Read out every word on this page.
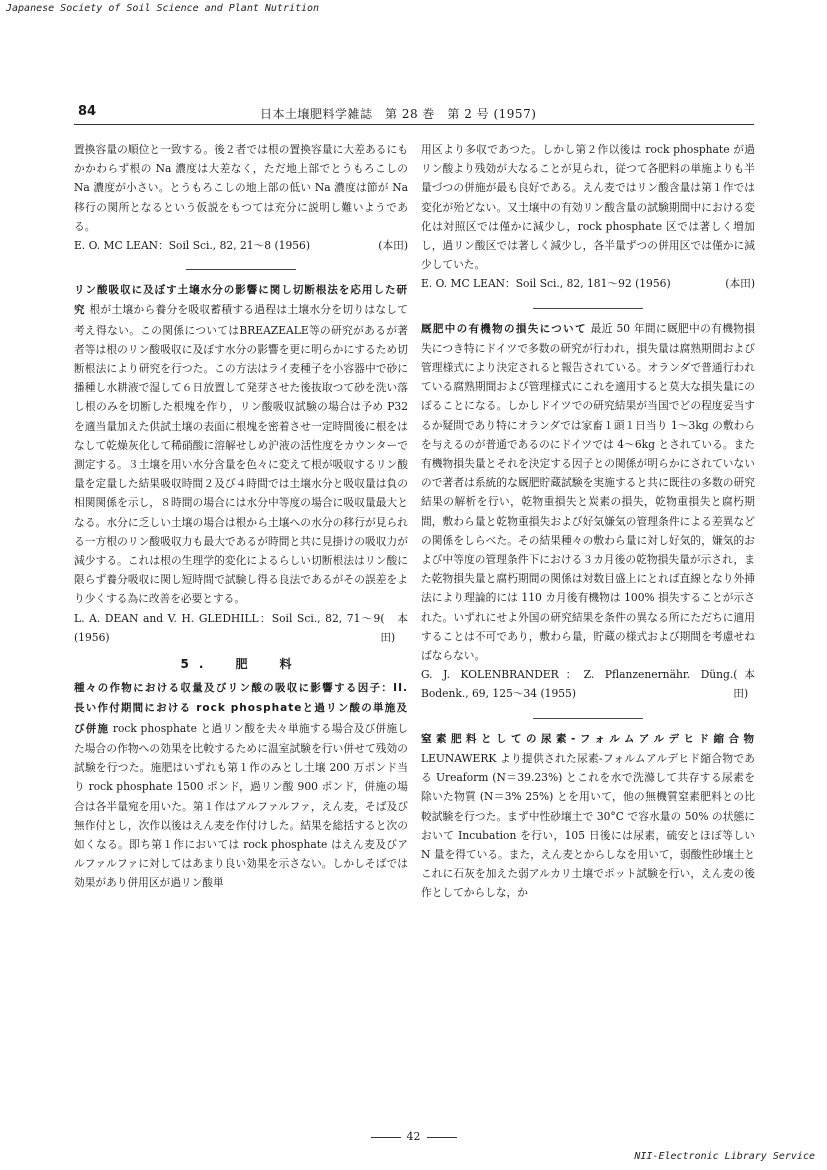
Japanese Society of Soil Science and Plant Nutrition
84	日本土壌肥料学雑誌　第 28 巻　第 2 号 (1957)

置換容量の順位と一致する。後２者では根の置換容量に大差あるにもかかわらず根の Na 濃度は大差なく，ただ地上部でとうもろこしの Na 濃度が小さい。とうもろこしの地上部の低い Na 濃度は節が Na 移行の関所となるという仮説をもつては充分に説明し難いようである。

E. O. MC LEAN：Soil Sci., 82, 21～8 (1956)	(本田)

リン酸吸収に及ぼす土壌水分の影響に関し切断根法を応用した研究 根が土壌から養分を吸収蓄積する過程は土壌水分を切りはなして考え得ない。この関係についてはBREAZEALE等の研究があるが著者等は根のリン酸吸収に及ぼす水分の影響を更に明らかにするため切断根法により研究を行つた。この方法はライ麦種子を小容器中で砂に播種し水耕液で湿して６日放置して発芽させた後抜取つて砂を洗い落し根のみを切断した根塊を作り，リン酸吸収試験の場合は予め P32 を適当量加えた供試土壌の表面に根塊を密着させ一定時間後に根をはなして乾燥灰化して稀硝酸に溶解せしめ沪液の活性度をカウンターで測定する。３土壌を用い水分含量を色々に変えて根が吸収するリン酸量を定量した結果吸収時間２及び４時間では土壌水分と吸収量は負の相関関係を示し，８時間の場合には水分中等度の場合に吸収量最大となる。水分に乏しい土壌の場合は根から土壌への水分の移行が見られる一方根のリン酸吸収力も最大であるが時間と共に見掛けの吸収力が減少する。これは根の生理学的変化によるらしい切断根法はリン酸に限らず養分吸収に関し短時間で試験し得る良法であるがその誤差をより少くする為に改善を必要とする。

L. A. DEAN and V. H. GLEDHILL：Soil Sci., 82, 71～9 (1956)
(本田)
5.　肥　料

種々の作物における収量及びリン酸の吸収に影響する因子：II. 長い作付期間における rock phosphateと過リン酸の単施及び併施 rock phosphate と過リン酸を夫々単施する場合及び併施した場合の作物への効果を比較するために温室試験を行い併せて残効の試験を行つた。施肥はいずれも第１作のみとし土壌 200 万ポンド当り rock phosphate 1500 ポンド，過リン酸 900 ポンド，併施の場合は各半量宛を用いた。第１作はアルファルファ，えん麦，そば及び無作付とし，次作以後はえん麦を作付けした。結果を総括すると次の如くなる。即ち第１作においては rock phosphate はえん麦及びアルファルファに対してはあまり良い効果を示さない。しかしそばでは効果があり併用区が過リン酸単

用区より多収であつた。しかし第２作以後は rock phosphate が過リン酸より残効が大なることが見られ，従つて各肥料の単施よりも半量づつの併施が最も良好である。えん麦ではリン酸含量は第１作では変化が殆どない。又土壌中の有効リン酸含量の試験期間中における変化は対照区では僅かに減少し，rock phosphate 区では著しく増加し，過リン酸区では著しく減少し，各半量ずつの併用区では僅かに減少していた。

E. O. MC LEAN：Soil Sci., 82, 181～92 (1956)	(本田)

厩肥中の有機物の損失について 最近 50 年間に厩肥中の有機物損失につき特にドイツで多数の研究が行われ，損失量は腐熟期間および管理様式により決定されると報告されている。オランダで普通行われている腐熟期間および管理様式にこれを適用すると莫大な損失量にのぼることになる。しかしドイツでの研究結果が当国でどの程度妥当するか疑問であり特にオランダでは家畜１頭１日当り 1～3kg の敷わらを与えるのが普通であるのにドイツでは 4～6kg とされている。また有機物損失量とそれを決定する因子との関係が明らかにされていないので著者は系統的な厩肥貯蔵試験を実施すると共に既往の多数の研究結果の解析を行い，乾物重損失と炭素の損失，乾物重損失と腐朽期間，敷わら量と乾物重損失および好気嫌気の管理条件による差異などの関係をしらべた。その結果種々の敷わら量に対し好気的，嫌気的および中等度の管理条件下における３カ月後の乾物損失量が示され，また乾物損失量と腐朽期間の関係は対数目盛上にとれば直線となり外挿法により理論的には 110 カ月後有機物は 100% 損失することが示された。いずれにせよ外国の研究結果を条件の異なる所にただちに適用することは不可であり，敷わら量，貯蔵の様式および期間を考慮せねばならない。

G. J. KOLENBRANDER：Z. Pflanzenernähr. Düng. Bodenk., 69, 125～34 (1955)
(本田)

窒素肥料としての尿素-フォルムアルデヒド縮合物 LEUNAWERK より提供された尿素-フォルムアルデヒド縮合物である Ureaform (N＝39.23%) とこれを水で洗滌して共存する尿素を除いた物質 (N＝3% 25%) とを用いて，他の無機質窒素肥料との比較試験を行つた。まず中性砂壌土で 30°C で容水量の 50% の状態において Incubation を行い，105 日後には尿素，硫安とほぼ等しい N 量を得ている。また，えん麦とからしなを用いて，弱酸性砂壌土とこれに石灰を加えた弱アルカリ土壌でポット試験を行い，えん麦の後作としてからしな，か

42
NII-Electronic Library Service
